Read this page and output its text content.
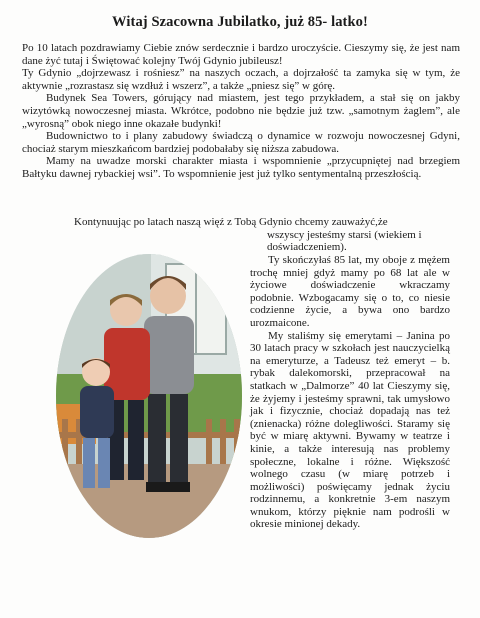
Witaj Szacowna Jubilatko, już 85- latko!

Po 10 latach pozdrawiamy Ciebie znów serdecznie i bardzo uroczyście. Cieszymy się, że jest nam dane żyć tutaj i Świętować kolejny Twój Gdynio jubileusz!

Ty Gdynio „dojrzewasz i rośniesz” na naszych oczach, a dojrzałość ta zamyka się w tym, że aktywnie „rozrastasz się wzdłuż i wszerz”, a także „pniesz się” w górę.

Budynek Sea Towers, górujący nad miastem, jest tego przykładem, a stał się on jakby wizytówką nowoczesnej miasta. Wkrótce, podobno nie będzie już tzw. „samotnym żaglem”, ale „wyrosną” obok niego inne okazałe budynki!

Budownictwo to i plany zabudowy świadczą o dynamice w rozwoju nowoczesnej Gdyni, chociaż starym mieszkańcom bardziej podobałaby się niższa zabudowa.

Mamy na uwadze morski charakter miasta i wspomnienie „przycupniętej nad brzegiem Bałtyku dawnej rybackiej wsi”. To wspomnienie jest już tylko sentymentalną przeszłością.

Kontynuując po latach naszą więź z Tobą Gdynio chcemy zauważyć,że

wszyscy jesteśmy starsi (wiekiem i doświadczeniem).

Ty skończyłaś 85 lat, my oboje z mężem trochę mniej gdyż mamy po 68 lat ale w życiowe doświadczenie wkraczamy podobnie. Wzbogacamy się o to, co niesie codzienne życie, a bywa ono bardzo urozmaicone.

My staliśmy się emerytami – Janina po 30 latach pracy w szkołach jest nauczycielką na emeryturze, a Tadeusz też emeryt – b. rybak dalekomorski, przepracował na statkach w „Dalmorze” 40 lat Cieszymy się, że żyjemy i jesteśmy sprawni, tak umysłowo jak i fizycznie, chociaż dopadają nas też (znienacka) różne dolegliwości. Staramy się być w miarę aktywni. Bywamy w teatrze i kinie, a także interesują nas problemy społeczne, lokalne i różne. Większość wolnego czasu (w miarę potrzeb i możliwości) poświęcamy jednak życiu rodzinnemu, a konkretnie 3-em naszym wnukom, którzy pięknie nam podrośli w okresie minionej dekady.
